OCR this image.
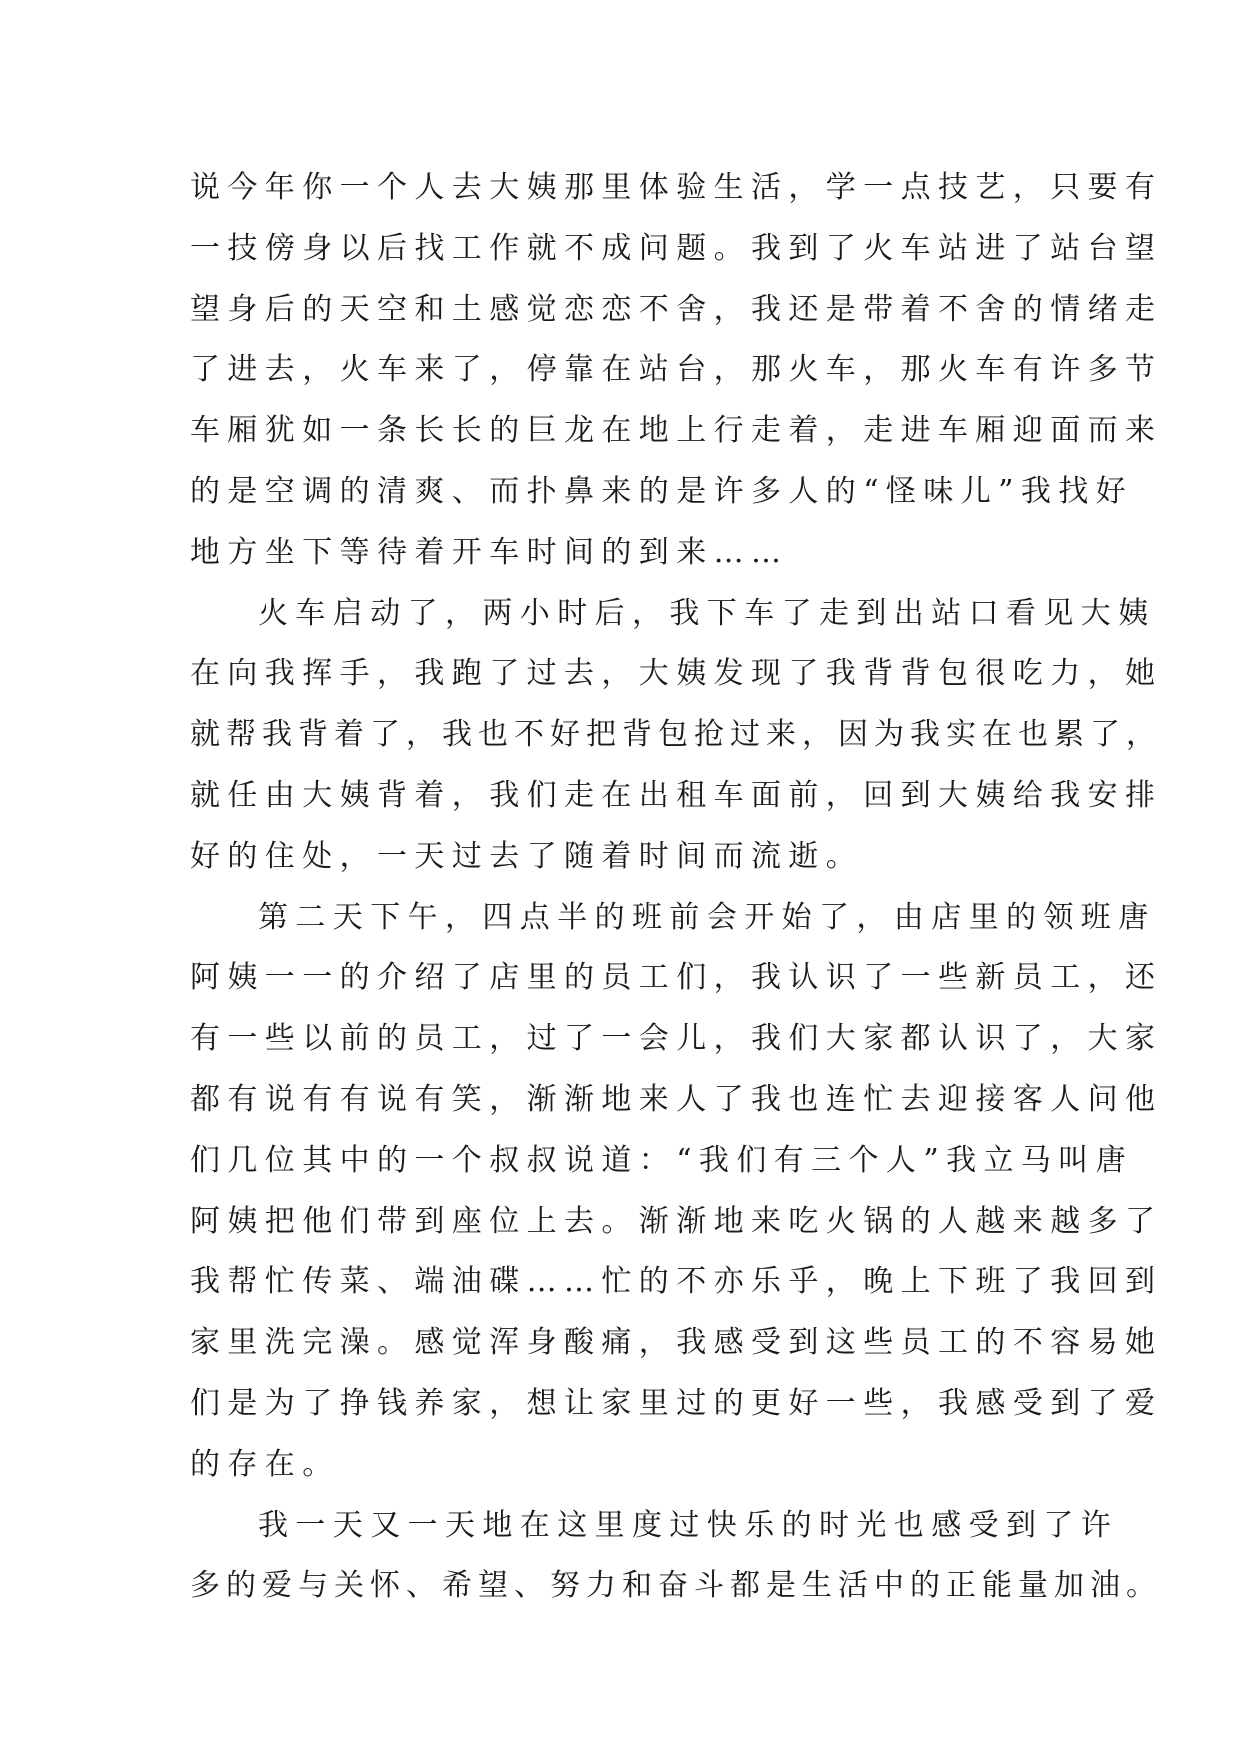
说今年你一个人去大姨那里体验生活，学一点技艺，只要有
一技傍身以后找工作就不成问题。我到了火车站进了站台望
望身后的天空和土感觉恋恋不舍，我还是带着不舍的情绪走
了进去，火车来了，停靠在站台，那火车，那火车有许多节
车厢犹如一条长长的巨龙在地上行走着，走进车厢迎面而来
的是空调的清爽、而扑鼻来的是许多人的“怪味儿”我找好
地方坐下等待着开车时间的到来……
火车启动了，两小时后，我下车了走到出站口看见大姨
在向我挥手，我跑了过去，大姨发现了我背背包很吃力，她
就帮我背着了，我也不好把背包抢过来，因为我实在也累了，
就任由大姨背着，我们走在出租车面前，回到大姨给我安排
好的住处，一天过去了随着时间而流逝。
第二天下午，四点半的班前会开始了，由店里的领班唐
阿姨一一的介绍了店里的员工们，我认识了一些新员工，还
有一些以前的员工，过了一会儿，我们大家都认识了，大家
都有说有有说有笑，渐渐地来人了我也连忙去迎接客人问他
们几位其中的一个叔叔说道：“我们有三个人”我立马叫唐
阿姨把他们带到座位上去。渐渐地来吃火锅的人越来越多了
我帮忙传菜、端油碟……忙的不亦乐乎，晚上下班了我回到
家里洗完澡。感觉浑身酸痛，我感受到这些员工的不容易她
们是为了挣钱养家，想让家里过的更好一些，我感受到了爱
的存在。
我一天又一天地在这里度过快乐的时光也感受到了许
多的爱与关怀、希望、努力和奋斗都是生活中的正能量加油。
